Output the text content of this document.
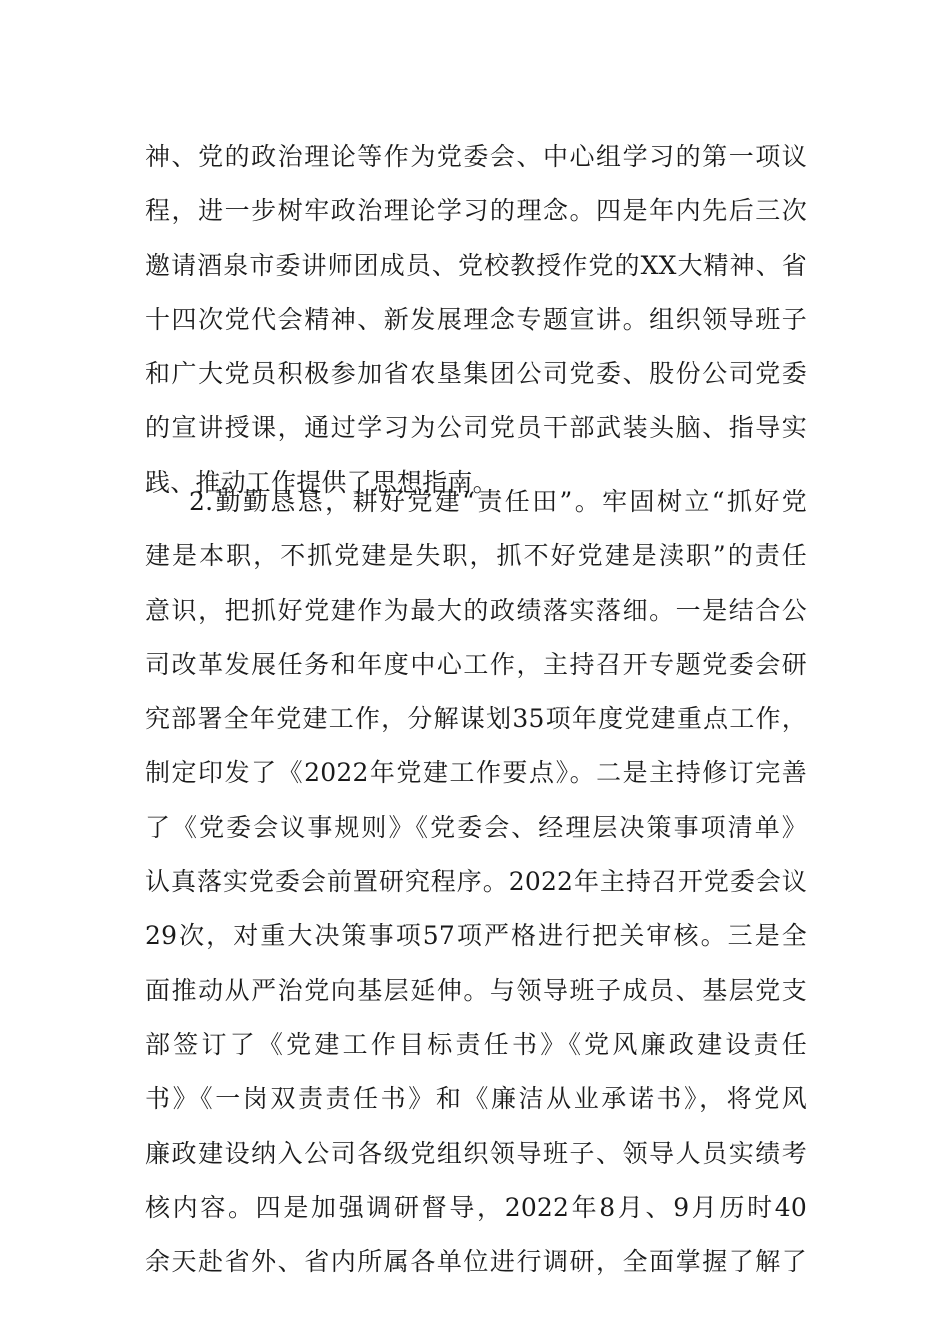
神、党的政治理论等作为党委会、中心组学习的第一项议
程，进一步树牢政治理论学习的理念。四是年内先后三次
邀请酒泉市委讲师团成员、党校教授作党的XX大精神、省
十四次党代会精神、新发展理念专题宣讲。组织领导班子
和广大党员积极参加省农垦集团公司党委、股份公司党委
的宣讲授课，通过学习为公司党员干部武装头脑、指导实
践、推动工作提供了思想指南。
2.勤勤恳恳，耕好党建“责任田”。牢固树立“抓好党
建是本职，不抓党建是失职，抓不好党建是渎职”的责任
意识，把抓好党建作为最大的政绩落实落细。一是结合公
司改革发展任务和年度中心工作，主持召开专题党委会研
究部署全年党建工作，分解谋划35项年度党建重点工作，
制定印发了《2022年党建工作要点》。二是主持修订完善
了《党委会议事规则》《党委会、经理层决策事项清单》
认真落实党委会前置研究程序。2022年主持召开党委会议
29次，对重大决策事项57项严格进行把关审核。三是全
面推动从严治党向基层延伸。与领导班子成员、基层党支
部签订了《党建工作目标责任书》《党风廉政建设责任
书》《一岗双责责任书》和《廉洁从业承诺书》，将党风
廉政建设纳入公司各级党组织领导班子、领导人员实绩考
核内容。四是加强调研督导，2022年8月、9月历时40
余天赴省外、省内所属各单位进行调研，全面掌握了解了
